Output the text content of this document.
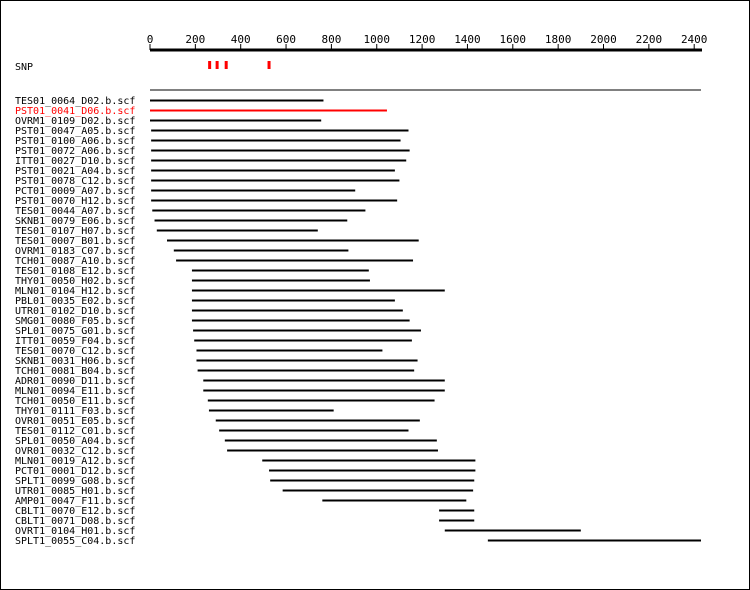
0	200 400 600 800 1000 1200 1400 1600 1800 2000 2200 2400
SNP
TES01_0064_D02.b.scf
PST01_0041_D06.b.scf
OVRM1_0109_D02.b.scf
PST01_0047_A05.b.scf
PST01_0100_A06.b.scf
PST01_0072_A06.b.scf
ITT01_0027_D10.b.scf
PST01_0021_A04.b.scf
PST01_0078_C12.b.scf
PCT01_0009_A07.b.scf
PST01_0070_H12.b.scf
TES01_0044_A07.b.scf
SKNB1_0079_E06.b.scf
TES01_0107_H07.b.scf
TES01_0007_B01.b.scf
OVRM1_0183_C07.b.scf
TCH01_0087_A10.b.scf
TES01_0108_E12.b.scf
THY01_0050_H02.b.scf
MLN01_0104_H12.b.scf
PBL01_0035_E02.b.scf
UTR01_0102_D10.b.scf
SMG01_0080_F05.b.scf
SPL01_0075_G01.b.scf
ITT01_0059_F04.b.scf
TES01_0070_C12.b.scf
SKNB1_0031_H06.b.scf
TCH01_0081_B04.b.scf
ADR01_0090_D11.b.scf
MLN01_0094_E11.b.scf
TCH01_0050_E11.b.scf
THY01_0111_F03.b.scf
OVR01_0051_E05.b.scf
TES01_0112_C01.b.scf
SPL01_0050_A04.b.scf
OVR01_0032_C12.b.scf
MLN01_0019_A12.b.scf
PCT01_0001_D12.b.scf
SPLT1_0099_G08.b.scf
UTR01_0085_H01.b.scf
AMP01_0047_F11.b.scf
CBLT1_0070_E12.b.scf
CBLT1_0071_D08.b.scf
OVRT1_0104_H01.b.scf
SPLT1_0055_C04.b.scf
